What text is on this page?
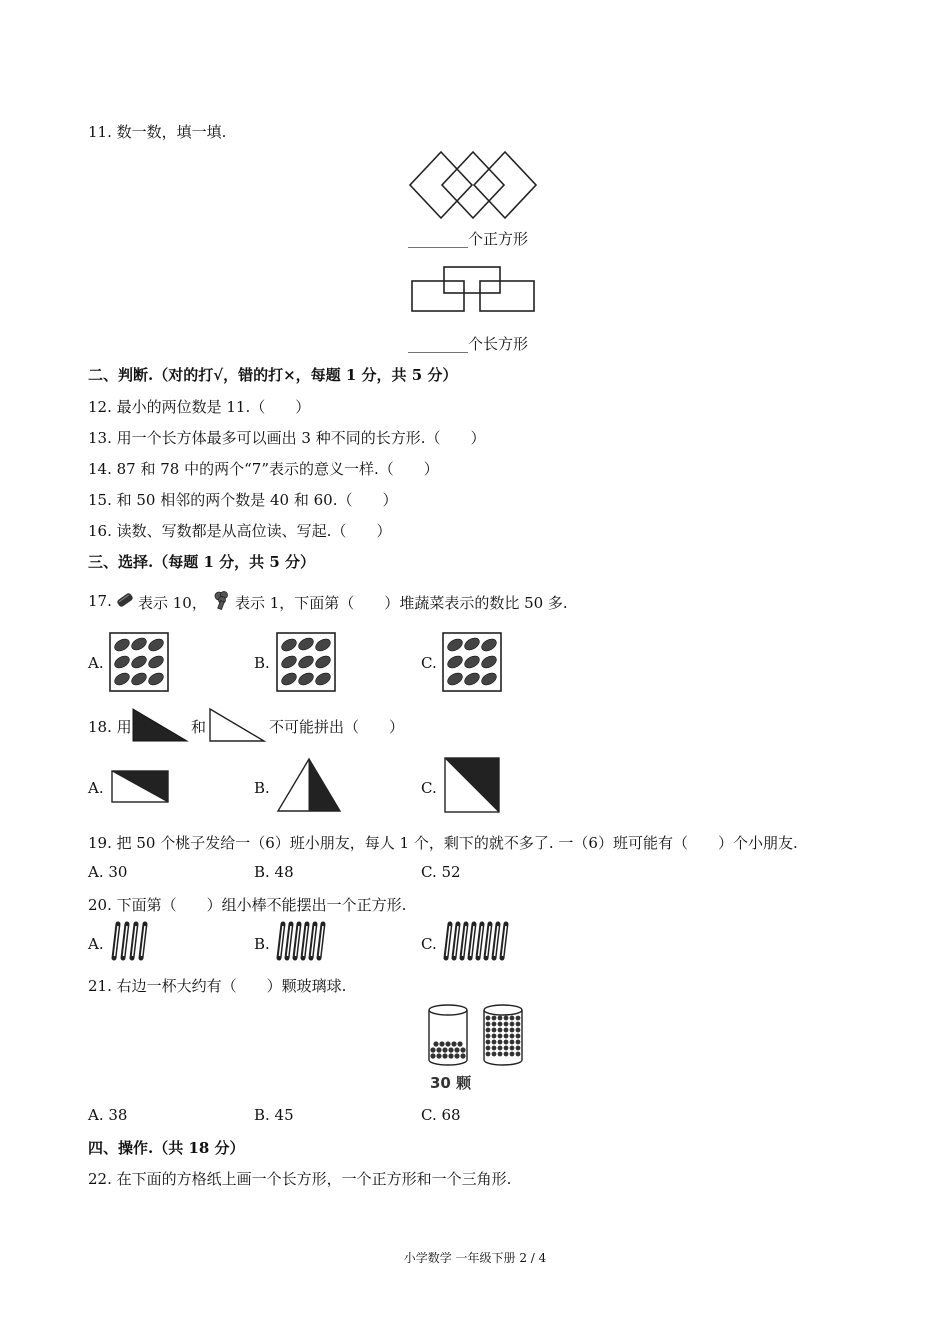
11. 数一数，填一填.
________个正方形
________个长方形
二、判断.（对的打√，错的打×，每题 1 分，共 5 分）
12. 最小的两位数是 11.（　　）
13. 用一个长方体最多可以画出 3 种不同的长方形.（　　）
14. 87 和 78 中的两个“7”表示的意义一样.（　　）
15. 和 50 相邻的两个数是 40 和 60.（　　）
16. 读数、写数都是从高位读、写起.（　　）
三、选择.（每题 1 分，共 5 分）
17. 表示 10， 表示 1，下面第（　　）堆蔬菜表示的数比 50 多.
A.	B.	C.
18. 用	和	不可能拼出（　　）
A.	B.	C.
19. 把 50 个桃子发给一（6）班小朋友，每人 1 个，剩下的就不多了. 一（6）班可能有（　　）个小朋友.
A. 30	B. 48	C. 52
20. 下面第（　　）组小棒不能摆出一个正方形.
A.	B.	C.
21. 右边一杯大约有（　　）颗玻璃球.
30 颗
A. 38	B. 45	C. 68
四、操作.（共 18 分）
22. 在下面的方格纸上画一个长方形，一个正方形和一个三角形.
小学数学 一年级下册 2 / 4
